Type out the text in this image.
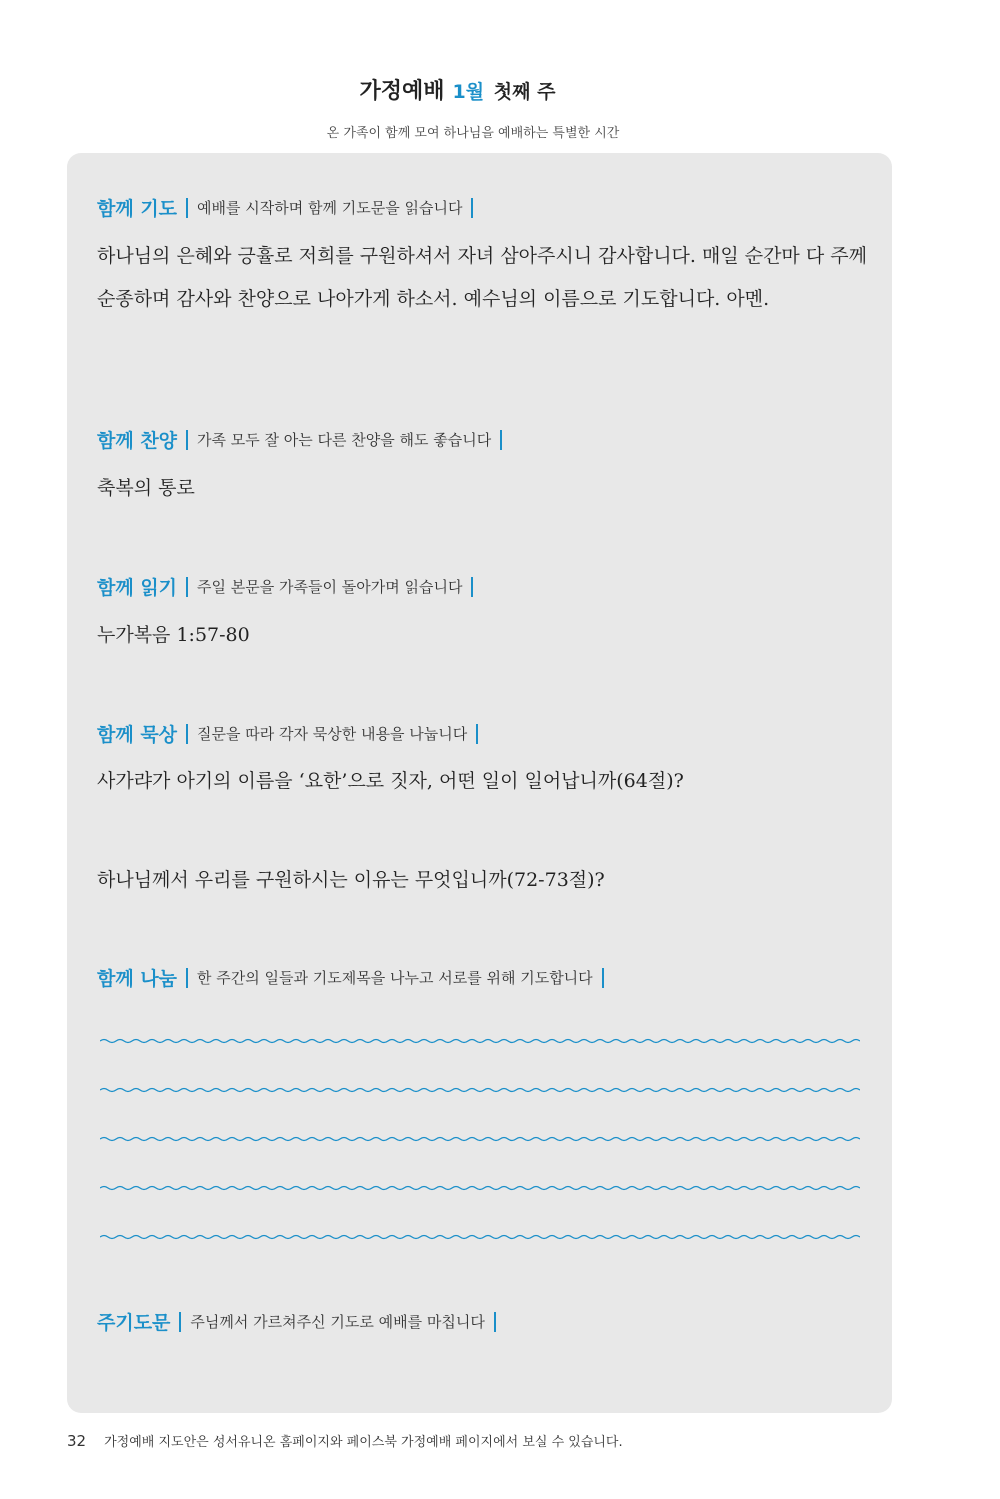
가정예배 1월 첫째 주
온 가족이 함께 모여 하나님을 예배하는 특별한 시간
함께 기도 예배를 시작하며 함께 기도문을 읽습니다
하나님의 은혜와 긍휼로 저희를 구원하셔서 자녀 삼아주시니 감사합니다. 매일 순간마 다 주께 순종하며 감사와 찬양으로 나아가게 하소서. 예수님의 이름으로 기도합니다. 아멘.
함께 찬양 가족 모두 잘 아는 다른 찬양을 해도 좋습니다
축복의 통로
함께 읽기 주일 본문을 가족들이 돌아가며 읽습니다
누가복음 1:57-80
함께 묵상 질문을 따라 각자 묵상한 내용을 나눕니다
사가랴가 아기의 이름을 ‘요한’으로 짓자, 어떤 일이 일어납니까(64절)?
하나님께서 우리를 구원하시는 이유는 무엇입니까(72-73절)?
함께 나눔 한 주간의 일들과 기도제목을 나누고 서로를 위해 기도합니다
주기도문 주님께서 가르쳐주신 기도로 예배를 마칩니다
32 가정예배 지도안은 성서유니온 홈페이지와 페이스북 가정예배 페이지에서 보실 수 있습니다.
